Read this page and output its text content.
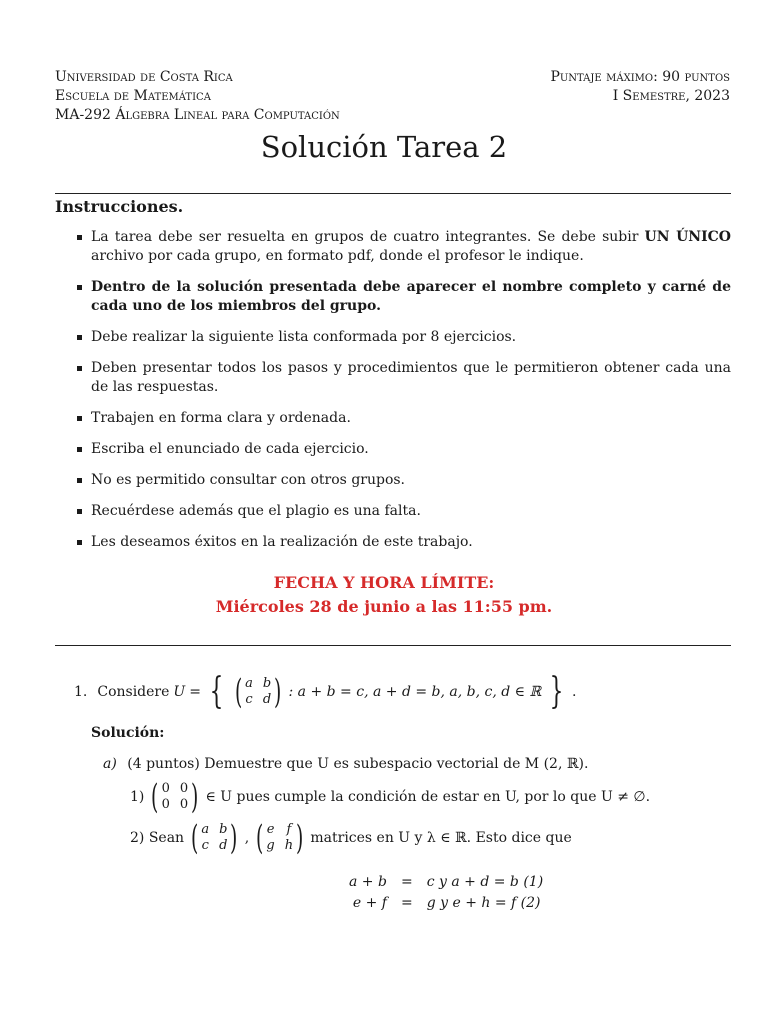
Universidad de Costa Rica
Escuela de Matemática
MA-292 Álgebra Lineal para Computación
Puntaje máximo: 90 puntos
I Semestre, 2023
Solución Tarea 2
Instrucciones.
La tarea debe ser resuelta en grupos de cuatro integrantes. Se debe subir UN ÚNICO archivo por cada grupo, en formato pdf, donde el profesor le indique.
Dentro de la solución presentada debe aparecer el nombre completo y carné de cada uno de los miembros del grupo.
Debe realizar la siguiente lista conformada por 8 ejercicios.
Deben presentar todos los pasos y procedimientos que le permitieron obtener cada una de las respuestas.
Trabajen en forma clara y ordenada.
Escriba el enunciado de cada ejercicio.
No es permitido consultar con otros grupos.
Recuérdese además que el plagio es una falta.
Les deseamos éxitos en la realización de este trabajo.
FECHA Y HORA LÍMITE:
Miércoles 28 de junio a las 11:55 pm.
1. Considere U = { ( a b
c d ) : a + b = c, a + d = b, a, b, c, d ∈ ℝ } .
Solución:
a) (4 puntos) Demuestre que U es subespacio vectorial de M (2, ℝ).
1) ( 0 0
0 0 ) ∈ U pues cumple la condición de estar en U, por lo que U ≠ ∅.
2) Sean ( a b
c d ) , ( e f
g h ) matrices en U y λ ∈ ℝ. Esto dice que
a + b	=	c y a + d = b (1)
e + f	=	g y e + h = f (2)
